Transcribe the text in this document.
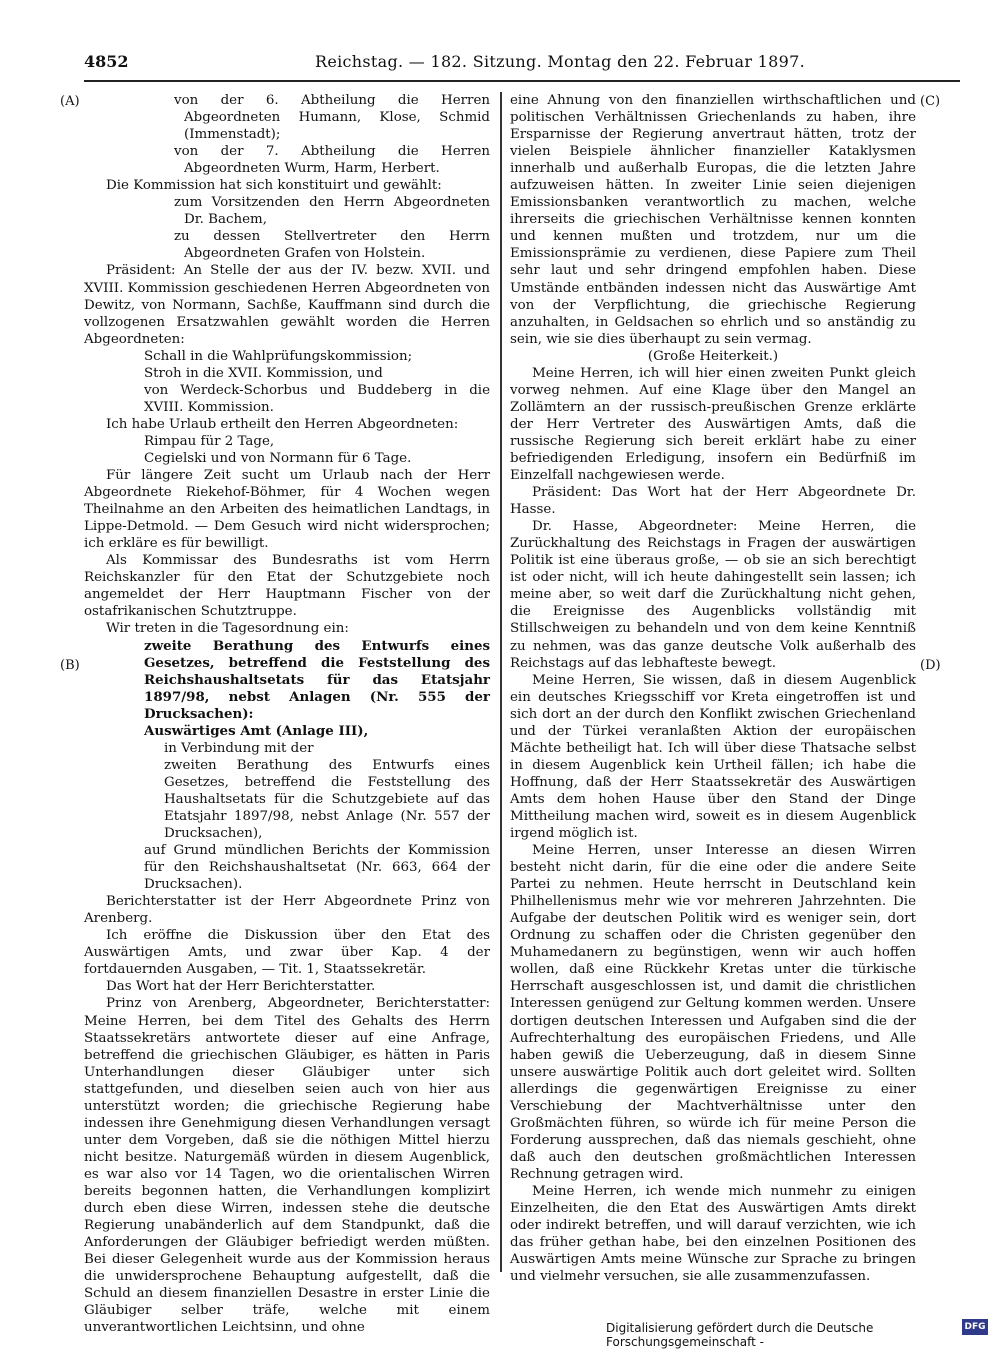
4852	Reichstag. — 182. Sitzung. Montag den 22. Februar 1897.
(A)
(B)
(C)
(D)

von der 6. Abtheilung die Herren Abgeordneten Humann, Klose, Schmid (Immenstadt);

von der 7. Abtheilung die Herren Abgeordneten Wurm, Harm, Herbert.

Die Kommission hat sich konstituirt und gewählt:

zum Vorsitzenden den Herrn Abgeordneten Dr. Bachem,

zu dessen Stellvertreter den Herrn Abgeordneten Grafen von Holstein.

Präsident: An Stelle der aus der IV. bezw. XVII. und XVIII. Kommission geschiedenen Herren Abgeordneten von Dewitz, von Normann, Sachße, Kauffmann sind durch die vollzogenen Ersatzwahlen gewählt worden die Herren Abgeordneten:

Schall in die Wahlprüfungskommission;

Stroh in die XVII. Kommission, und

von Werdeck-Schorbus und Buddeberg in die XVIII. Kommission.

Ich habe Urlaub ertheilt den Herren Abgeordneten:

Rimpau für 2 Tage,

Cegielski und von Normann für 6 Tage.

Für längere Zeit sucht um Urlaub nach der Herr Abgeordnete Riekehof-Böhmer, für 4 Wochen wegen Theilnahme an den Arbeiten des heimatlichen Landtags, in Lippe-Detmold. — Dem Gesuch wird nicht widersprochen; ich erkläre es für bewilligt.

Als Kommissar des Bundesraths ist vom Herrn Reichskanzler für den Etat der Schutzgebiete noch angemeldet der Herr Hauptmann Fischer von der ostafrikanischen Schutztruppe.

Wir treten in die Tagesordnung ein:

zweite Berathung des Entwurfs eines Gesetzes, betreffend die Feststellung des Reichshaushaltsetats für das Etatsjahr 1897/98, nebst Anlagen (Nr. 555 der Drucksachen):

Auswärtiges Amt (Anlage III),

in Verbindung mit der

zweiten Berathung des Entwurfs eines Gesetzes, betreffend die Feststellung des Haushaltsetats für die Schutzgebiete auf das Etatsjahr 1897/98, nebst Anlage (Nr. 557 der Drucksachen),

auf Grund mündlichen Berichts der Kommission für den Reichshaushaltsetat (Nr. 663, 664 der Drucksachen).

Berichterstatter ist der Herr Abgeordnete Prinz von Arenberg.

Ich eröffne die Diskussion über den Etat des Auswärtigen Amts, und zwar über Kap. 4 der fortdauernden Ausgaben, — Tit. 1, Staatssekretär.

Das Wort hat der Herr Berichterstatter.

Prinz von Arenberg, Abgeordneter, Berichterstatter: Meine Herren, bei dem Titel des Gehalts des Herrn Staatssekretärs antwortete dieser auf eine Anfrage, betreffend die griechischen Gläubiger, es hätten in Paris Unterhandlungen dieser Gläubiger unter sich stattgefunden, und dieselben seien auch von hier aus unterstützt worden; die griechische Regierung habe indessen ihre Genehmigung diesen Verhandlungen versagt unter dem Vorgeben, daß sie die nöthigen Mittel hierzu nicht besitze. Naturgemäß würden in diesem Augenblick, es war also vor 14 Tagen, wo die orientalischen Wirren bereits begonnen hatten, die Verhandlungen komplizirt durch eben diese Wirren, indessen stehe die deutsche Regierung unabänderlich auf dem Standpunkt, daß die Anforderungen der Gläubiger befriedigt werden müßten. Bei dieser Gelegenheit wurde aus der Kommission heraus die unwidersprochene Behauptung aufgestellt, daß die Schuld an diesem finanziellen Desastre in erster Linie die Gläubiger selber träfe, welche mit einem unverantwortlichen Leichtsinn, und ohne

eine Ahnung von den finanziellen wirthschaftlichen und politischen Verhältnissen Griechenlands zu haben, ihre Ersparnisse der Regierung anvertraut hätten, trotz der vielen Beispiele ähnlicher finanzieller Kataklysmen innerhalb und außerhalb Europas, die die letzten Jahre aufzuweisen hätten. In zweiter Linie seien diejenigen Emissionsbanken verantwortlich zu machen, welche ihrerseits die griechischen Verhältnisse kennen konnten und kennen mußten und trotzdem, nur um die Emissionsprämie zu verdienen, diese Papiere zum Theil sehr laut und sehr dringend empfohlen haben. Diese Umstände entbänden indessen nicht das Auswärtige Amt von der Verpflichtung, die griechische Regierung anzuhalten, in Geldsachen so ehrlich und so anständig zu sein, wie sie dies überhaupt zu sein vermag.

(Große Heiterkeit.)

Meine Herren, ich will hier einen zweiten Punkt gleich vorweg nehmen. Auf eine Klage über den Mangel an Zollämtern an der russisch-preußischen Grenze erklärte der Herr Vertreter des Auswärtigen Amts, daß die russische Regierung sich bereit erklärt habe zu einer befriedigenden Erledigung, insofern ein Bedürfniß im Einzelfall nachgewiesen werde.

Präsident: Das Wort hat der Herr Abgeordnete Dr. Hasse.

Dr. Hasse, Abgeordneter: Meine Herren, die Zurückhaltung des Reichstags in Fragen der auswärtigen Politik ist eine überaus große, — ob sie an sich berechtigt ist oder nicht, will ich heute dahingestellt sein lassen; ich meine aber, so weit darf die Zurückhaltung nicht gehen, die Ereignisse des Augenblicks vollständig mit Stillschweigen zu behandeln und von dem keine Kenntniß zu nehmen, was das ganze deutsche Volk außerhalb des Reichstags auf das lebhafteste bewegt.

Meine Herren, Sie wissen, daß in diesem Augenblick ein deutsches Kriegsschiff vor Kreta eingetroffen ist und sich dort an der durch den Konflikt zwischen Griechenland und der Türkei veranlaßten Aktion der europäischen Mächte betheiligt hat. Ich will über diese Thatsache selbst in diesem Augenblick kein Urtheil fällen; ich habe die Hoffnung, daß der Herr Staatssekretär des Auswärtigen Amts dem hohen Hause über den Stand der Dinge Mittheilung machen wird, soweit es in diesem Augenblick irgend möglich ist.

Meine Herren, unser Interesse an diesen Wirren besteht nicht darin, für die eine oder die andere Seite Partei zu nehmen. Heute herrscht in Deutschland kein Philhellenismus mehr wie vor mehreren Jahrzehnten. Die Aufgabe der deutschen Politik wird es weniger sein, dort Ordnung zu schaffen oder die Christen gegenüber den Muhamedanern zu begünstigen, wenn wir auch hoffen wollen, daß eine Rückkehr Kretas unter die türkische Herrschaft ausgeschlossen ist, und damit die christlichen Interessen genügend zur Geltung kommen werden. Unsere dortigen deutschen Interessen und Aufgaben sind die der Aufrechterhaltung des europäischen Friedens, und Alle haben gewiß die Ueberzeugung, daß in diesem Sinne unsere auswärtige Politik auch dort geleitet wird. Sollten allerdings die gegenwärtigen Ereignisse zu einer Verschiebung der Machtverhältnisse unter den Großmächten führen, so würde ich für meine Person die Forderung aussprechen, daß das niemals geschieht, ohne daß auch den deutschen großmächtlichen Interessen Rechnung getragen wird.

Meine Herren, ich wende mich nunmehr zu einigen Einzelheiten, die den Etat des Auswärtigen Amts direkt oder indirekt betreffen, und will darauf verzichten, wie ich das früher gethan habe, bei den einzelnen Positionen des Auswärtigen Amts meine Wünsche zur Sprache zu bringen und vielmehr versuchen, sie alle zusammenzufassen.

Digitalisierung gefördert durch die Deutsche Forschungsgemeinschaft -
DFG
